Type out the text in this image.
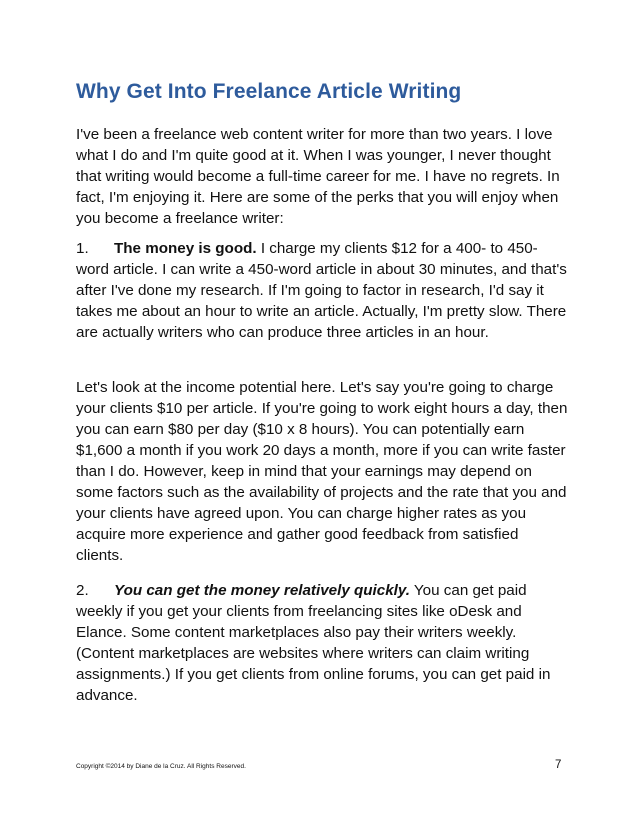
Why Get Into Freelance Article Writing

I've been a freelance web content writer for more than two years. I love what I do and I'm quite good at it. When I was younger, I never thought that writing would become a full-time career for me. I have no regrets. In fact, I'm enjoying it. Here are some of the perks that you will enjoy when you become a freelance writer:

1. The money is good. I charge my clients $12 for a 400- to 450-word article. I can write a 450-word article in about 30 minutes, and that's after I've done my research. If I'm going to factor in research, I'd say it takes me about an hour to write an article. Actually, I'm pretty slow. There are actually writers who can produce three articles in an hour.

Let's look at the income potential here. Let's say you're going to charge your clients $10 per article. If you're going to work eight hours a day, then you can earn $80 per day ($10 x 8 hours). You can potentially earn $1,600 a month if you work 20 days a month, more if you can write faster than I do. However, keep in mind that your earnings may depend on some factors such as the availability of projects and the rate that you and your clients have agreed upon. You can charge higher rates as you acquire more experience and gather good feedback from satisfied clients.

2. You can get the money relatively quickly. You can get paid weekly if you get your clients from freelancing sites like oDesk and Elance. Some content marketplaces also pay their writers weekly. (Content marketplaces are websites where writers can claim writing assignments.) If you get clients from online forums, you can get paid in advance.

Copyright ©2014 by Diane de la Cruz. All Rights Reserved.	7
